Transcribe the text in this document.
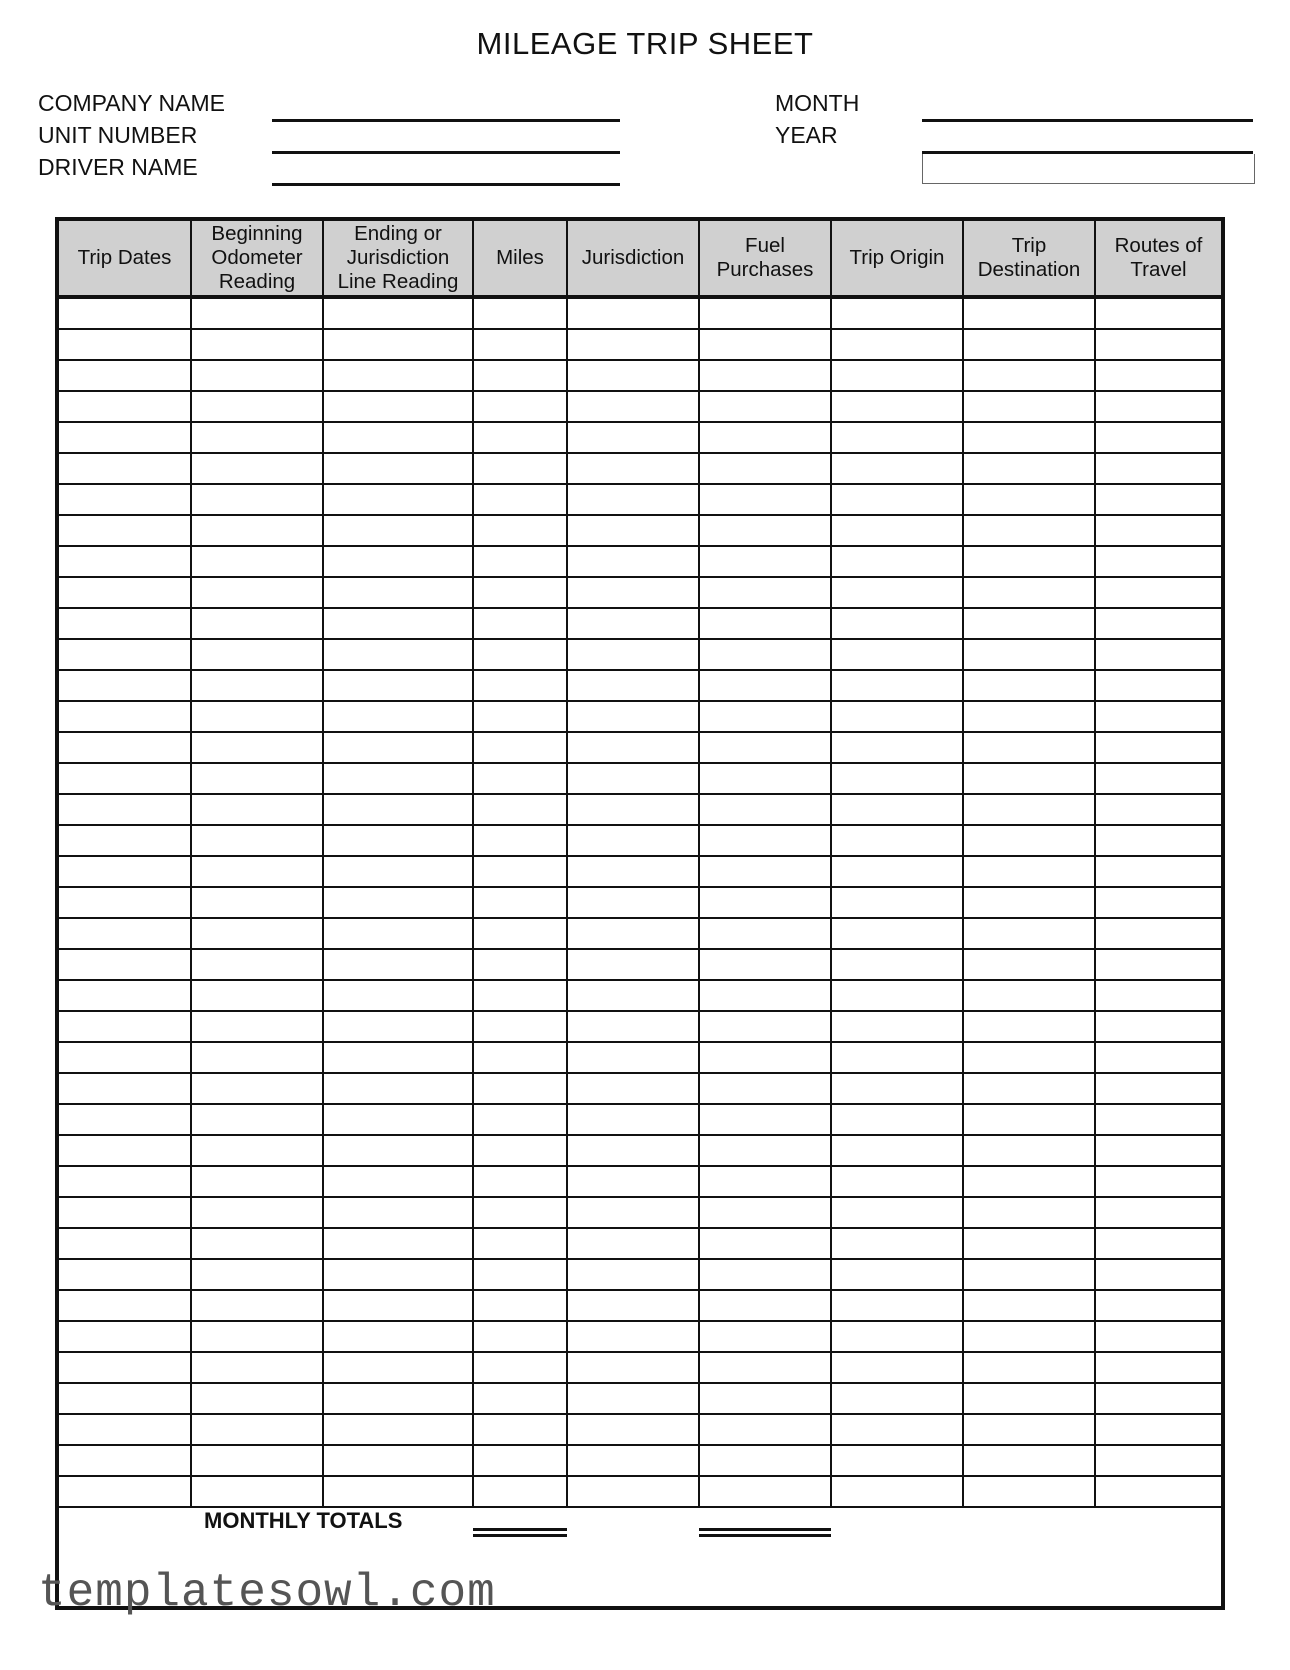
MILEAGE TRIP SHEET
COMPANY NAME
UNIT NUMBER
DRIVER NAME
MONTH
YEAR
Trip Dates	Beginning
Odometer
Reading	Ending or
Jurisdiction
Line Reading	Miles	Jurisdiction	Fuel
Purchases	Trip Origin	Trip
Destination	Routes of
Travel

MONTHLY TOTALS
templatesowl.com
